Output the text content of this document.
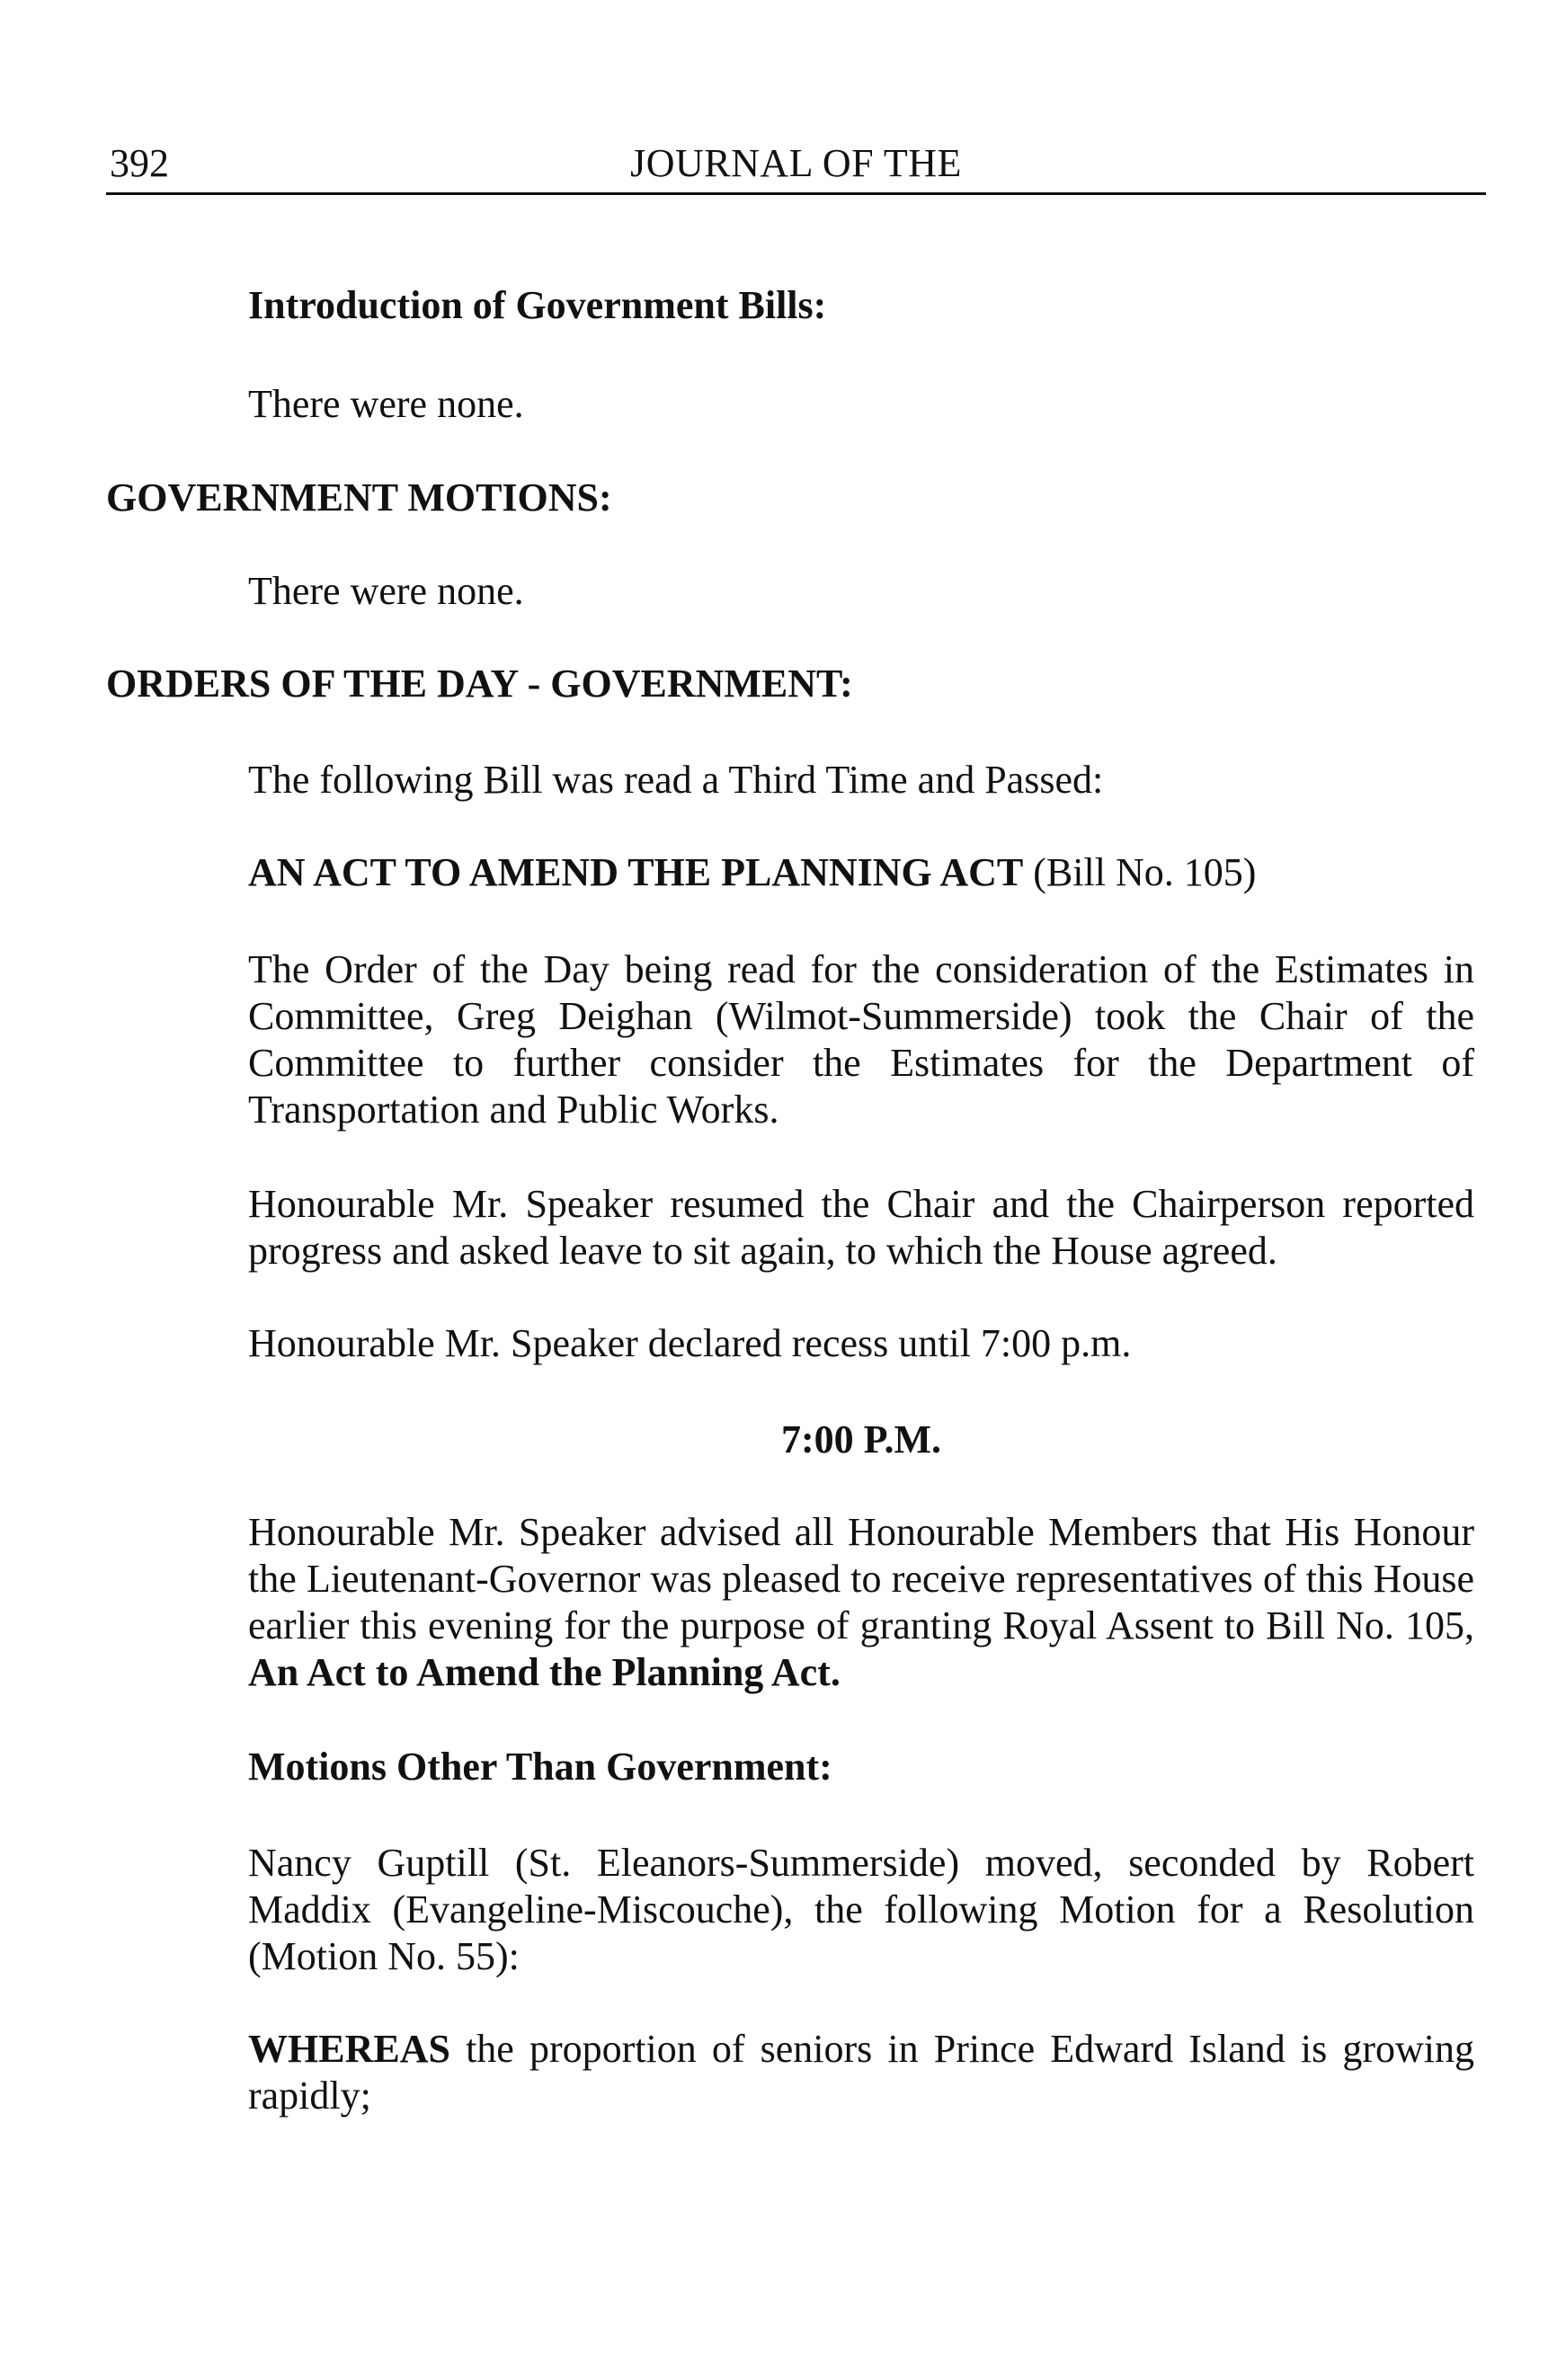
392	JOURNAL OF THE
Introduction of Government Bills:
There were none.
GOVERNMENT MOTIONS:
There were none.
ORDERS OF THE DAY - GOVERNMENT:
The following Bill was read a Third Time and Passed:
AN ACT TO AMEND THE PLANNING ACT (Bill No. 105)
The Order of the Day being read for the consideration of the Estimates in Committee, Greg Deighan (Wilmot-Summerside) took the Chair of the Committee to further consider the Estimates for the Department of Transportation and Public Works.
Honourable Mr. Speaker resumed the Chair and the Chairperson reported progress and asked leave to sit again, to which the House agreed.
Honourable Mr. Speaker declared recess until 7:00 p.m.
7:00 P.M.
Honourable Mr. Speaker advised all Honourable Members that His Honour the Lieutenant-Governor was pleased to receive representatives of this House earlier this evening for the purpose of granting Royal Assent to Bill No. 105, An Act to Amend the Planning Act.
Motions Other Than Government:
Nancy Guptill (St. Eleanors-Summerside) moved, seconded by Robert Maddix (Evangeline-Miscouche), the following Motion for a Resolution (Motion No. 55):
WHEREAS the proportion of seniors in Prince Edward Island is growing rapidly;
